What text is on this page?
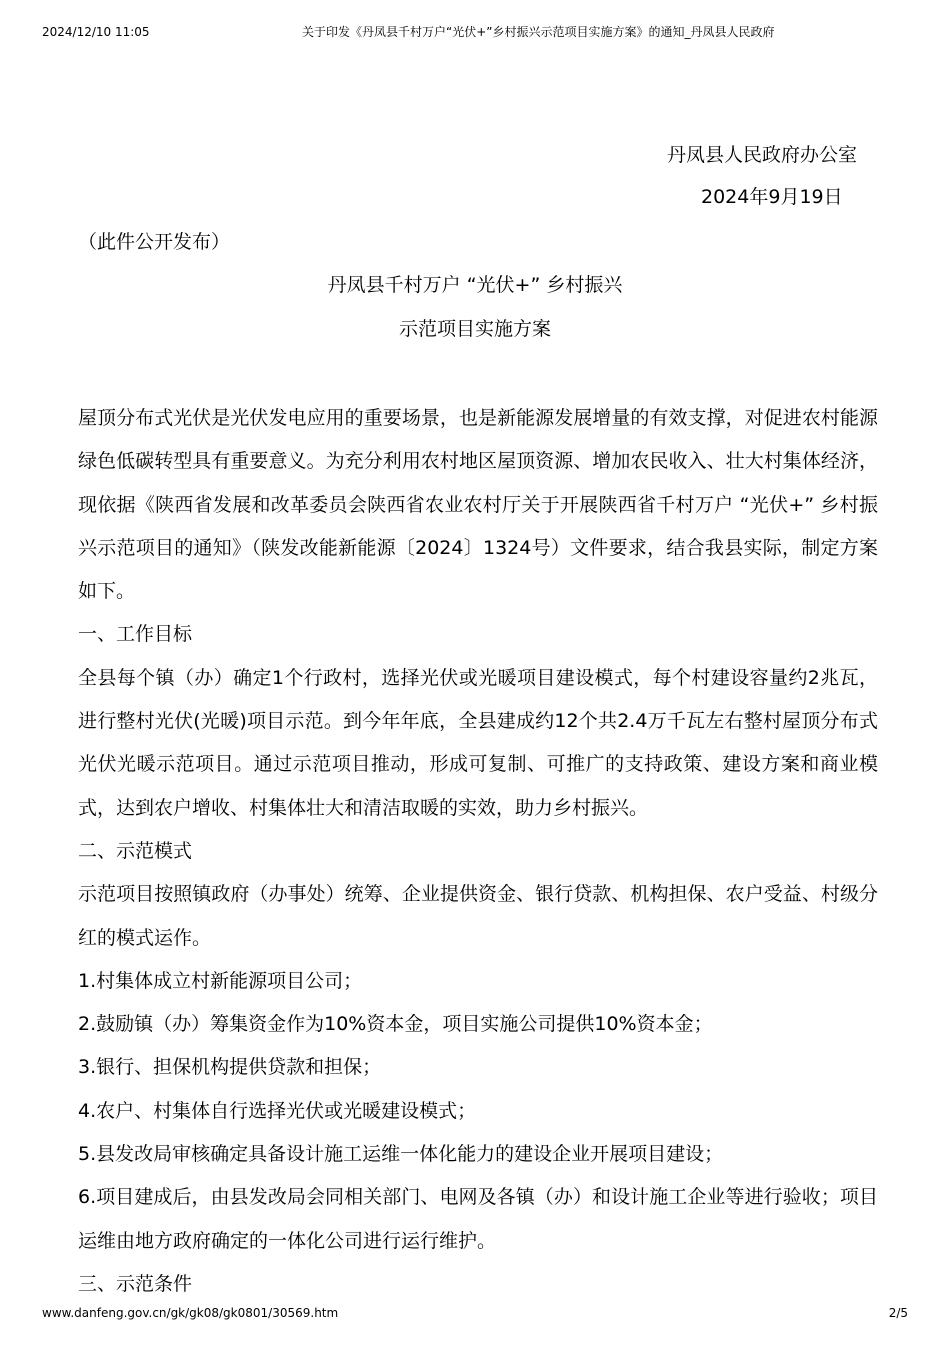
2024/12/10 11:05	关于印发《丹凤县千村万户“光伏+”乡村振兴示范项目实施方案》的通知_丹凤县人民政府
丹凤县人民政府办公室
2024年9月19日
（此件公开发布）
丹凤县千村万户 “光伏+” 乡村振兴
示范项目实施方案

屋顶分布式光伏是光伏发电应用的重要场景，也是新能源发展增量的有效支撑，对促进农村能源绿色低碳转型具有重要意义。为充分利用农村地区屋顶资源、增加农民收入、壮大村集体经济，现依据《陕西省发展和改革委员会陕西省农业农村厅关于开展陕西省千村万户 “光伏+” 乡村振兴示范项目的通知》（陕发改能新能源〔2024〕1324号）文件要求，结合我县实际，制定方案如下。

一、工作目标

全县每个镇（办）确定1个行政村，选择光伏或光暖项目建设模式，每个村建设容量约2兆瓦，进行整村光伏(光暖)项目示范。到今年年底，全县建成约12个共2.4万千瓦左右整村屋顶分布式光伏光暖示范项目。通过示范项目推动，形成可复制、可推广的支持政策、建设方案和商业模式，达到农户增收、村集体壮大和清洁取暖的实效，助力乡村振兴。

二、示范模式

示范项目按照镇政府（办事处）统筹、企业提供资金、银行贷款、机构担保、农户受益、村级分红的模式运作。

1.村集体成立村新能源项目公司；

2.鼓励镇（办）筹集资金作为10%资本金，项目实施公司提供10%资本金；

3.银行、担保机构提供贷款和担保；

4.农户、村集体自行选择光伏或光暖建设模式；

5.县发改局审核确定具备设计施工运维一体化能力的建设企业开展项目建设；

6.项目建成后，由县发改局会同相关部门、电网及各镇（办）和设计施工企业等进行验收；项目运维由地方政府确定的一体化公司进行运行维护。

三、示范条件

www.danfeng.gov.cn/gk/gk08/gk0801/30569.htm	2/5
